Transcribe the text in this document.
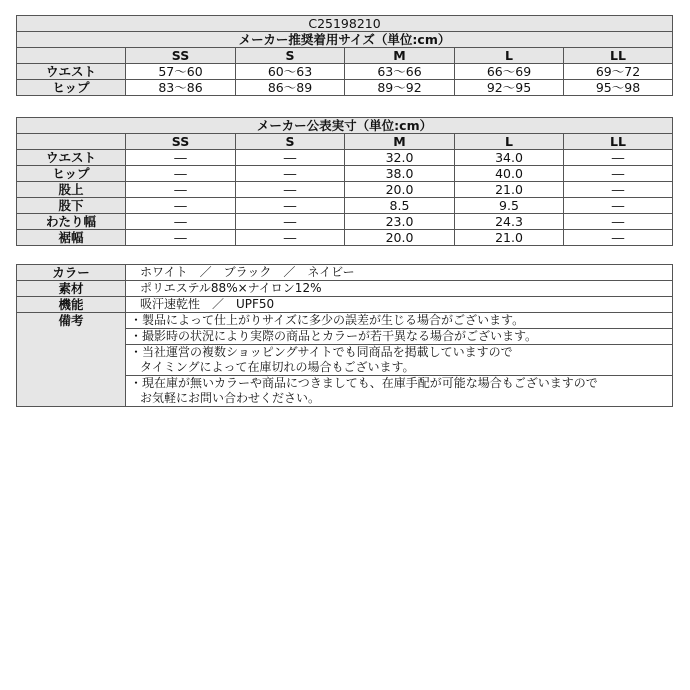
C25198210					
メーカー推奨着用サイズ（単位:cm）					
	SS	S	M	L	LL
ウエスト	57～60	60～63	63～66	66～69	69～72
ヒップ	83～86	86～89	89～92	92～95	95～98
メーカー公表実寸（単位:cm）					
	SS	S	M	L	LL
ウエスト	―	―	32.0	34.0	―
ヒップ	―	―	38.0	40.0	―
股上	―	―	20.0	21.0	―
股下	―	―	8.5	9.5	―
わたり幅	―	―	23.0	24.3	―
裾幅	―	―	20.0	21.0	―
カラー	ホワイト　／　ブラック　／　ネイビー
素材	ポリエステル88%×ナイロン12%
機能	吸汗速乾性　／　UPF50
備考	・製品によって仕上がりサイズに多少の誤差が生じる場合がございます。

	・撮影時の状況により実際の商品とカラーが若干異なる場合がございます。

	・当社運営の複数ショッピングサイトでも同商品を掲載していますので
タイミングによって在庫切れの場合もございます。

	・現在庫が無いカラーや商品につきましても、在庫手配が可能な場合もございますので
お気軽にお問い合わせください。
